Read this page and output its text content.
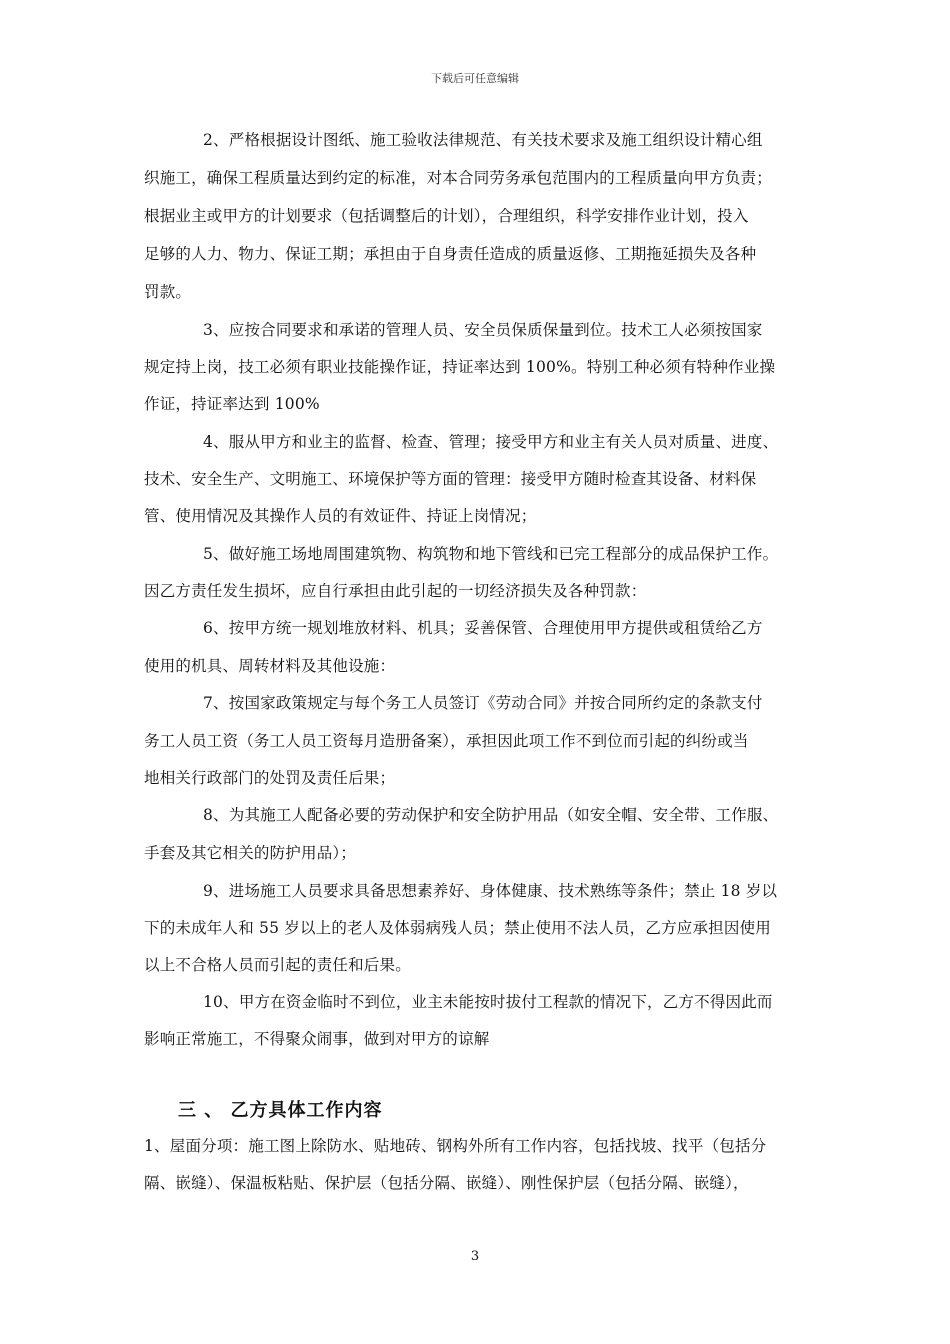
下载后可任意编辑
2、严格根据设计图纸、施工验收法律规范、有关技术要求及施工组织设计精心组
织施工，确保工程质量达到约定的标准，对本合同劳务承包范围内的工程质量向甲方负责；
根据业主或甲方的计划要求（包括调整后的计划），合理组织，科学安排作业计划，投入
足够的人力、物力、保证工期；承担由于自身责任造成的质量返修、工期拖延损失及各种
罚款。
3、应按合同要求和承诺的管理人员、安全员保质保量到位。技术工人必须按国家
规定持上岗，技工必须有职业技能操作证，持证率达到 100%。特别工种必须有特种作业操
作证，持证率达到 100%
4、服从甲方和业主的监督、检查、管理；接受甲方和业主有关人员对质量、进度、
技术、安全生产、文明施工、环境保护等方面的管理：接受甲方随时检查其设备、材料保
管、使用情况及其操作人员的有效证件、持证上岗情况；
5、做好施工场地周围建筑物、构筑物和地下管线和已完工程部分的成品保护工作。
因乙方责任发生损坏，应自行承担由此引起的一切经济损失及各种罚款：
6、按甲方统一规划堆放材料、机具；妥善保管、合理使用甲方提供或租赁给乙方
使用的机具、周转材料及其他设施：
7、按国家政策规定与每个务工人员签订《劳动合同》并按合同所约定的条款支付
务工人员工资（务工人员工资每月造册备案），承担因此项工作不到位而引起的纠纷或当
地相关行政部门的处罚及责任后果；
8、为其施工人配备必要的劳动保护和安全防护用品（如安全帽、安全带、工作服、
手套及其它相关的防护用品）；
9、进场施工人员要求具备思想素养好、身体健康、技术熟练等条件；禁止 18 岁以
下的未成年人和 55 岁以上的老人及体弱病残人员；禁止使用不法人员，乙方应承担因使用
以上不合格人员而引起的责任和后果。
10、甲方在资金临时不到位，业主未能按时拔付工程款的情况下，乙方不得因此而
影响正常施工，不得聚众闹事，做到对甲方的谅解
三 、 乙方具体工作内容
1、屋面分项：施工图上除防水、贴地砖、钢构外所有工作内容，包括找坡、找平（包括分
隔、嵌缝）、保温板粘贴、保护层（包括分隔、嵌缝）、刚性保护层（包括分隔、嵌缝），
3
